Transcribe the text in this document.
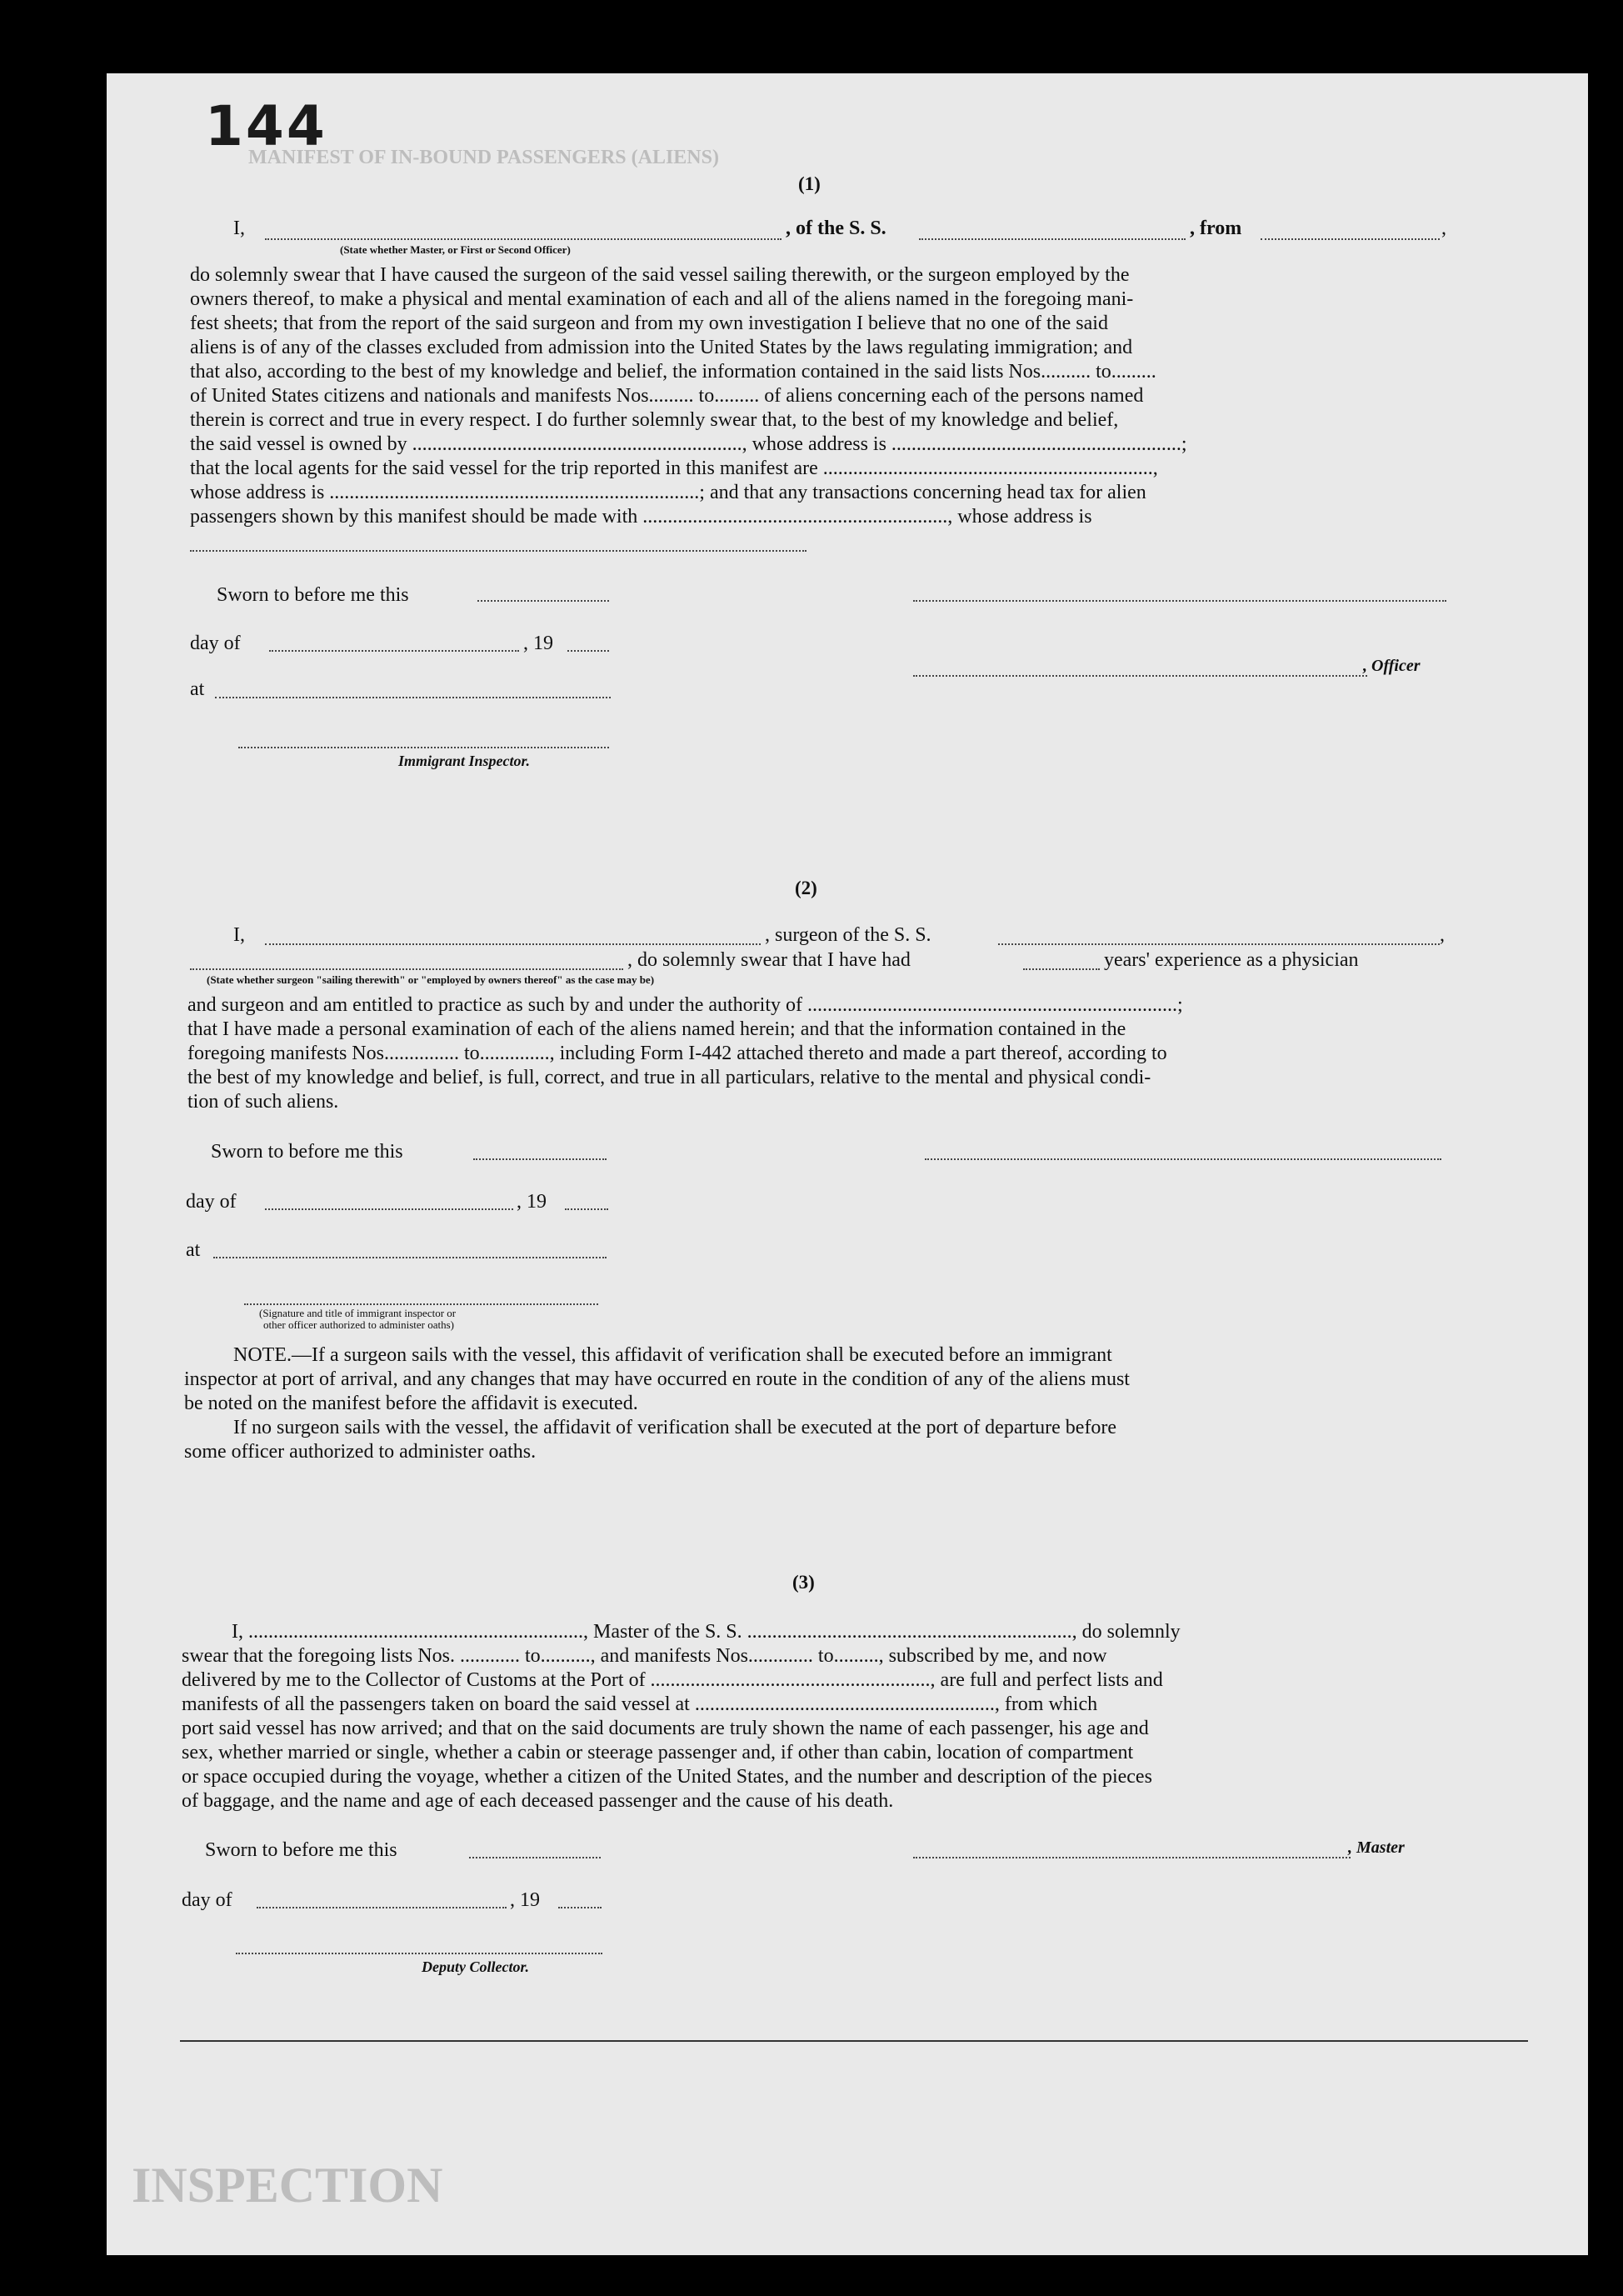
MANIFEST OF IN-BOUND PASSENGERS (ALIENS)
INSPECTION
144
(1)
I,	, of the S. S.	, from	,
(State whether Master, or First or Second Officer)
do solemnly swear that I have caused the surgeon of the said vessel sailing therewith, or the surgeon employed by the
owners thereof, to make a physical and mental examination of each and all of the aliens named in the foregoing mani-
fest sheets; that from the report of the said surgeon and from my own investigation I believe that no one of the said
aliens is of any of the classes excluded from admission into the United States by the laws regulating immigration; and
that also, according to the best of my knowledge and belief, the information contained in the said lists Nos.......... to.........
of United States citizens and nationals and manifests Nos......... to......... of aliens concerning each of the persons named
therein is correct and true in every respect. I do further solemnly swear that, to the best of my knowledge and belief,
the said vessel is owned by .................................................................., whose address is ..........................................................;
that the local agents for the said vessel for the trip reported in this manifest are ..................................................................,
whose address is ..........................................................................; and that any transactions concerning head tax for alien
passengers shown by this manifest should be made with ............................................................., whose address is
Sworn to before me this
day of	, 19
, Officer
at
Immigrant Inspector.
(2)
I,	, surgeon of the S. S.	,
, do solemnly swear that I have had	years' experience as a physician
(State whether surgeon "sailing therewith" or "employed by owners thereof" as the case may be)
and surgeon and am entitled to practice as such by and under the authority of ..........................................................................;
that I have made a personal examination of each of the aliens named herein; and that the information contained in the
foregoing manifests Nos............... to.............., including Form I-442 attached thereto and made a part thereof, according to
the best of my knowledge and belief, is full, correct, and true in all particulars, relative to the mental and physical condi-
tion of such aliens.
Sworn to before me this
day of	, 19
at
(Signature and title of immigrant inspector or
other officer authorized to administer oaths)
NOTE.—If a surgeon sails with the vessel, this affidavit of verification shall be executed before an immigrant
inspector at port of arrival, and any changes that may have occurred en route in the condition of any of the aliens must
be noted on the manifest before the affidavit is executed.
If no surgeon sails with the vessel, the affidavit of verification shall be executed at the port of departure before
some officer authorized to administer oaths.
(3)
I, ..................................................................., Master of the S. S. ................................................................., do solemnly
swear that the foregoing lists Nos. ............ to.........., and manifests Nos............. to........., subscribed by me, and now
delivered by me to the Collector of Customs at the Port of ........................................................, are full and perfect lists and
manifests of all the passengers taken on board the said vessel at ............................................................, from which
port said vessel has now arrived; and that on the said documents are truly shown the name of each passenger, his age and
sex, whether married or single, whether a cabin or steerage passenger and, if other than cabin, location of compartment
or space occupied during the voyage, whether a citizen of the United States, and the number and description of the pieces
of baggage, and the name and age of each deceased passenger and the cause of his death.
Sworn to before me this	, Master
day of	, 19
Deputy Collector.
